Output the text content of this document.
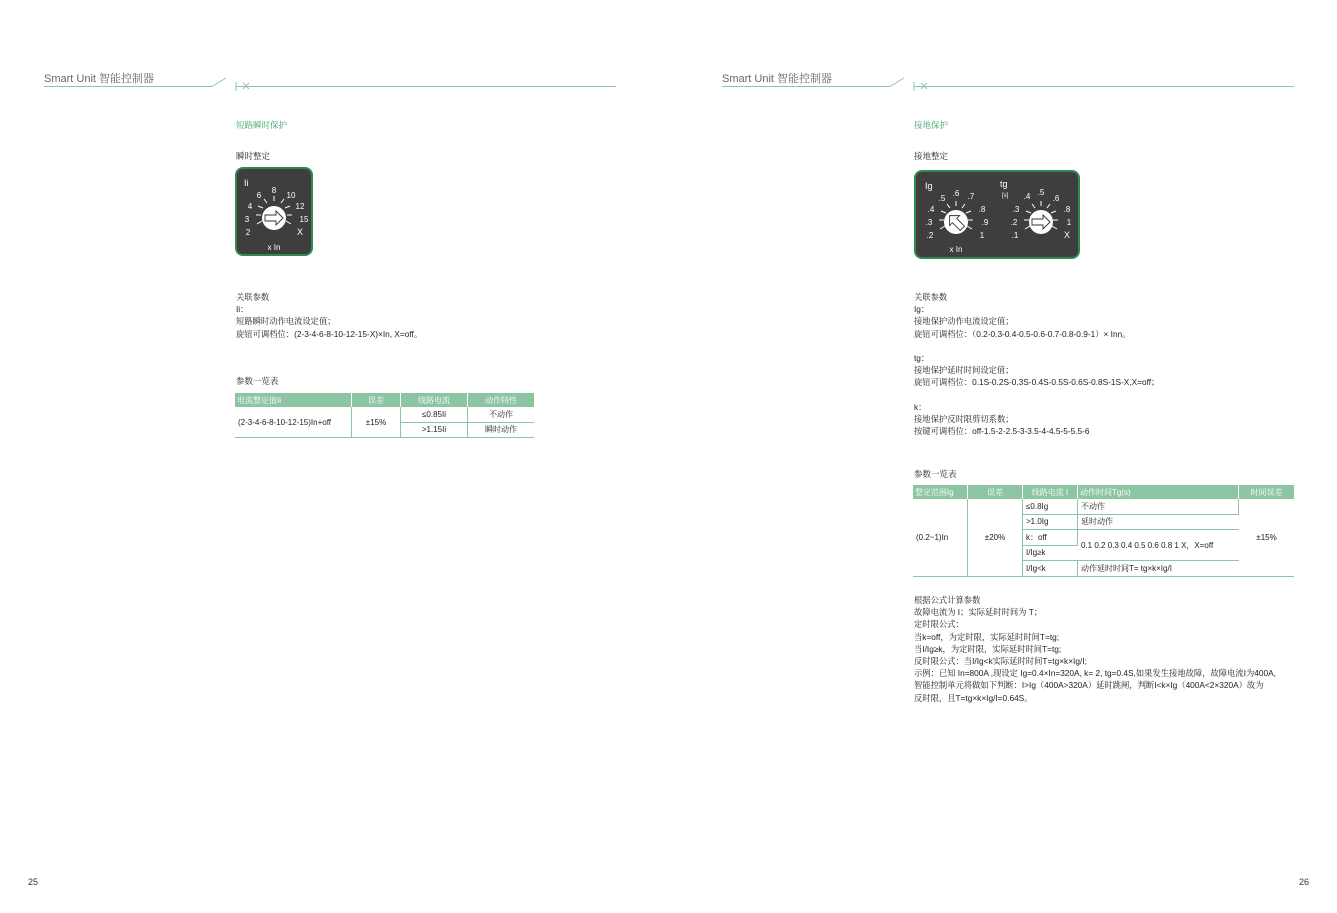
Smart Unit 智能控制器
短路瞬时保护
瞬时整定
Ii
2
3
4
6
8
10
12
15
X
x In
关联参数
Ii：
短路瞬时动作电流设定值；
旋钮可调档位：(2-3-4-6-8-10-12-15-X)×In, X=off。
参数一览表
电流整定值Ii	误差	线路电流	动作特性
(2-3-4-6-8-10-12-15)In+off	±15%	≤0.85Ii	不动作
		>1.15Ii	瞬时动作
25
Smart Unit 智能控制器
接地保护
接地整定
Ig
.2
.3
.4
.5
.6 .7
.8
.9
1
x In
tg
[s]
.1
.2
.3
.4 .5
.6
.8
1
X
关联参数
Ig：
接地保护动作电流设定值；
旋钮可调档位：（0.2-0.3-0.4-0.5-0.6-0.7-0.8-0.9-1）× Inn。
tg：
接地保护延时时间设定值；
旋钮可调档位：0.1S-0.2S-0.3S-0.4S-0.5S-0.6S-0.8S-1S-X,X=off；
k：
接地保护反时限剪切系数；
按键可调档位：off-1.5-2-2.5-3-3.5-4-4.5-5-5.5-6
参数一览表
整定范围Ig	误差	线路电流 I	动作时间Tg(s)	时间误差
(0.2~1)In	±20%	≤0.8Ig	不动作	±15%
		>1.0Ig	延时动作	
		k：off	0.1 0.2 0.3 0.4 0.5 0.6 0.8 1 X，X=off	
		I/Ig≥k		
		I/Ig<k	动作延时时间T= tg×k×Ig/I	
根据公式计算参数
故障电流为 I；实际延时时间为 T；
定时限公式：
当k=off，为定时限，实际延时时间T=tg;
当I/Ig≥k，为定时限，实际延时时间T=tg;
反时限公式：当I/Ig<k实际延时时间T=tg×k×Ig/I;
示例：已知 In=800A ,现设定 Ig=0.4×In=320A, k= 2, tg=0.4S,如果发生接地故障，故障电流I为400A,
智能控制单元将做如下判断：I>Ig（400A>320A）延时跳闸，判断I<k×Ig（400A<2×320A）故为
反时限，且T=tg×k×Ig/I=0.64S。
26
